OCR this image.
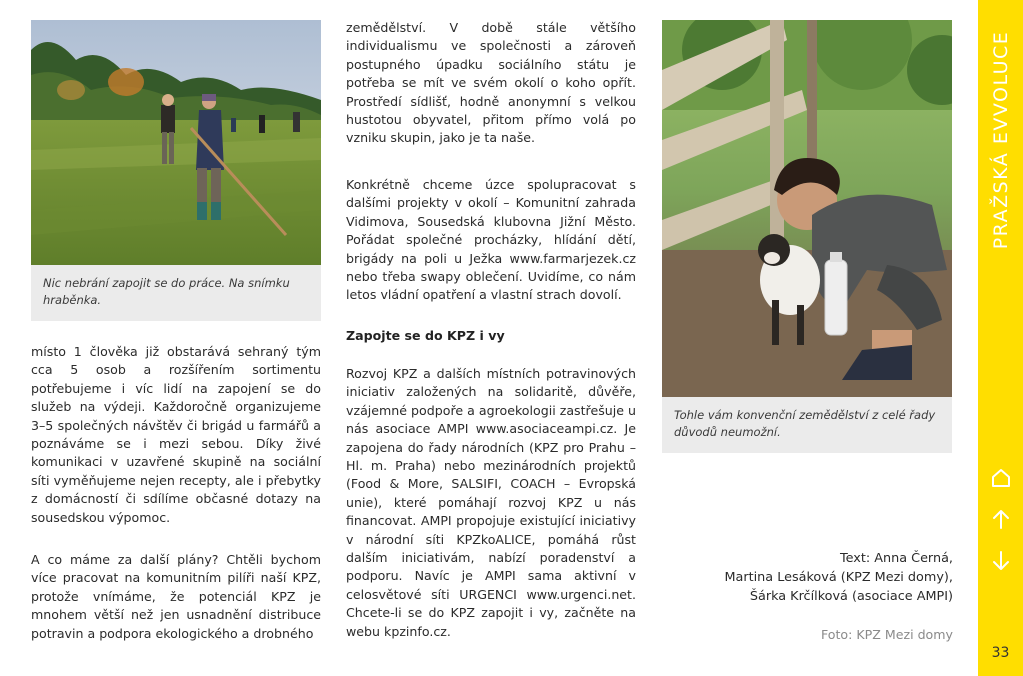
Nic nebrání zapojit se do práce. Na snímku hraběnka.

místo 1 člověka již obstarává sehraný tým cca 5 osob a rozšířením sortimentu potřebujeme i víc lidí na zapojení se do služeb na výdeji. Každoročně organizujeme 3–5 společných návštěv či brigád u farmářů a poznáváme se i mezi sebou. Díky živé komunikaci v uzavřené skupině na sociální síti vyměňujeme nejen recepty, ale i přebytky z domácností či sdílíme občasné dotazy na sousedskou výpomoc.

A co máme za další plány? Chtěli bychom více pracovat na komunitním pilíři naší KPZ, protože vnímáme, že potenciál KPZ je mnohem větší než jen usnadnění distribuce potravin a podpora ekologického a drobného

zemědělství. V době stále většího individualismu ve společnosti a zároveň postupného úpadku sociálního státu je potřeba se mít ve svém okolí o koho opřít. Prostředí sídlišť, hodně anonymní s velkou hustotou obyvatel, přitom přímo volá po vzniku skupin, jako je ta naše.

Konkrétně chceme úzce spolupracovat s dalšími projekty v okolí – Komunitní zahrada Vidimova, Sousedská klubovna Jižní Město. Pořádat společné procházky, hlídání dětí, brigády na poli u Ježka www.farmarjezek.cz nebo třeba swapy oblečení. Uvidíme, co nám letos vládní opatření a vlastní strach dovolí.

Zapojte se do KPZ i vy

Rozvoj KPZ a dalších místních potravinových iniciativ založených na solidaritě, důvěře, vzájemné podpoře a agroekologii zastřešuje u nás asociace AMPI www.asociaceampi.cz. Je zapojena do řady národních (KPZ pro Prahu – Hl. m. Praha) nebo mezinárodních projektů (Food & More, SALSIFI, COACH – Evropská unie), které pomáhají rozvoj KPZ u nás financovat. AMPI propojuje existující iniciativy v národní síti KPZkoALICE, pomáhá růst dalším iniciativám, nabízí poradenství a podporu. Navíc je AMPI sama aktivní v celosvětové síti URGENCI www.urgenci.net. Chcete-li se do KPZ zapojit i vy, začněte na webu kpzinfo.cz.

Tohle vám konvenční zemědělství z celé řady důvodů neumožní.
Text: Anna Černá,
Martina Lesáková (KPZ Mezi domy),
Šárka Krčílková (asociace AMPI)
Foto: KPZ Mezi domy
PRAŽSKÁ EVVOLUCE
33
